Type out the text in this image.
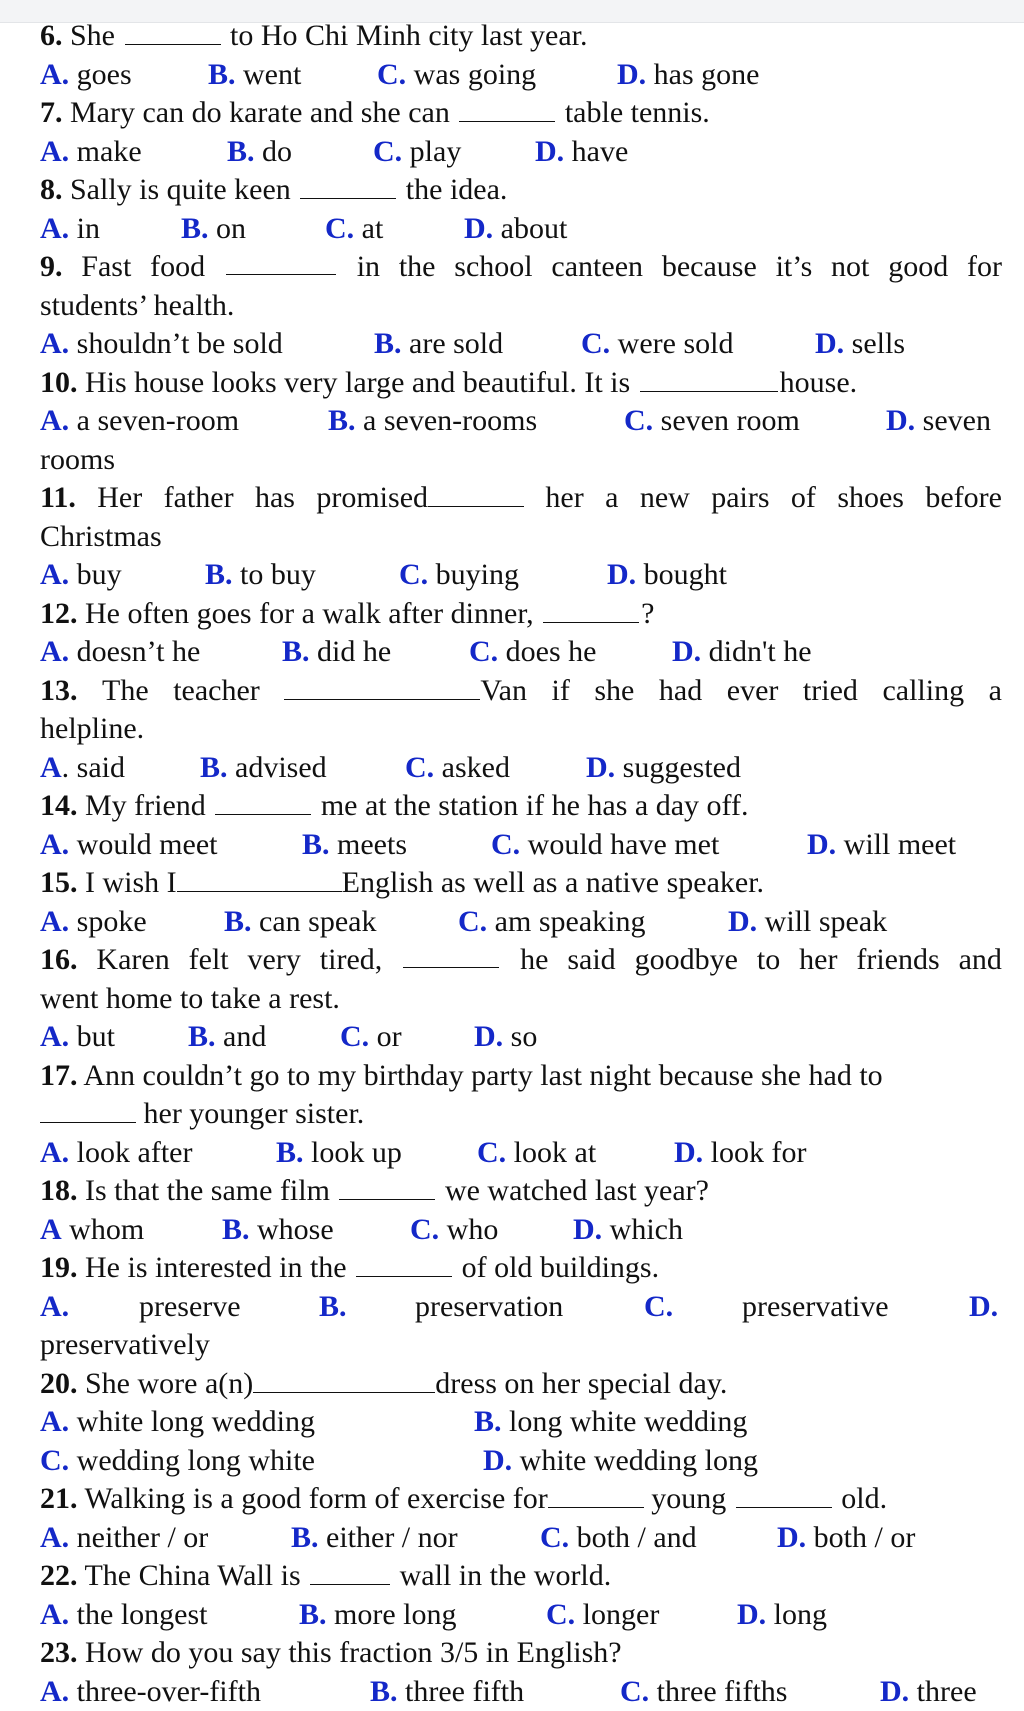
6. She	to Ho Chi Minh city last year.
A. goes	B. went	C. was going	D. has gone
7. Mary can do karate and she can	table tennis.
A. make	B. do	C. play D. have
8. Sally is quite keen	the idea.
A. in	B. on	C. at	D. about
9. Fast food	in the school canteen because it’s not good for
students’ health.
A. shouldn’t be sold	B. are sold	C. were sold	D. sells
10. His house looks very large and beautiful. It is	house.
A. a seven-room	B. a seven-rooms	C. seven room	D. seven
rooms
11. Her father has promised	her a new pairs of shoes before
Christmas
A. buy	B. to buy	C. buying	D. bought
12. He often goes for a walk after dinner,	?
A. doesn’t he	B. did he	C. does he	D. didn't he
13. The teacher	Van if she had ever tried calling a
helpline.
A. said	B. advised	C. asked	D. suggested
14. My friend	me at the station if he has a day off.
A. would meet	B. meets	C. would have met	D. will meet
15. I wish I	English as well as a native speaker.
A. spoke	B. can speak	C. am speaking	D. will speak
16. Karen felt very tired,	he said goodbye to her friends and
went home to take a rest.
A. but B. and C. or D. so
17. Ann couldn’t go to my birthday party last night because she had to
her younger sister.
A. look after	B. look up	C. look at	D. look for
18. Is that the same film	we watched last year?
A whom	B. whose	C. who D. which
19. He is interested in the	of old buildings.
A. preserve	B. preservation	C. preservative	D.
preservatively
20. She wore a(n)	dress on her special day.
A. white long wedding	B. long white wedding
C. wedding long white	D. white wedding long
21. Walking is a good form of exercise for	young	old.
A. neither / or	B. either / nor	C. both / and	D. both / or
22. The China Wall is	wall in the world.
A. the longest	B. more long	C. longer	D. long
23. How do you say this fraction 3/5 in English?
A. three-over-fifth	B. three fifth	C. three fifths	D. three
